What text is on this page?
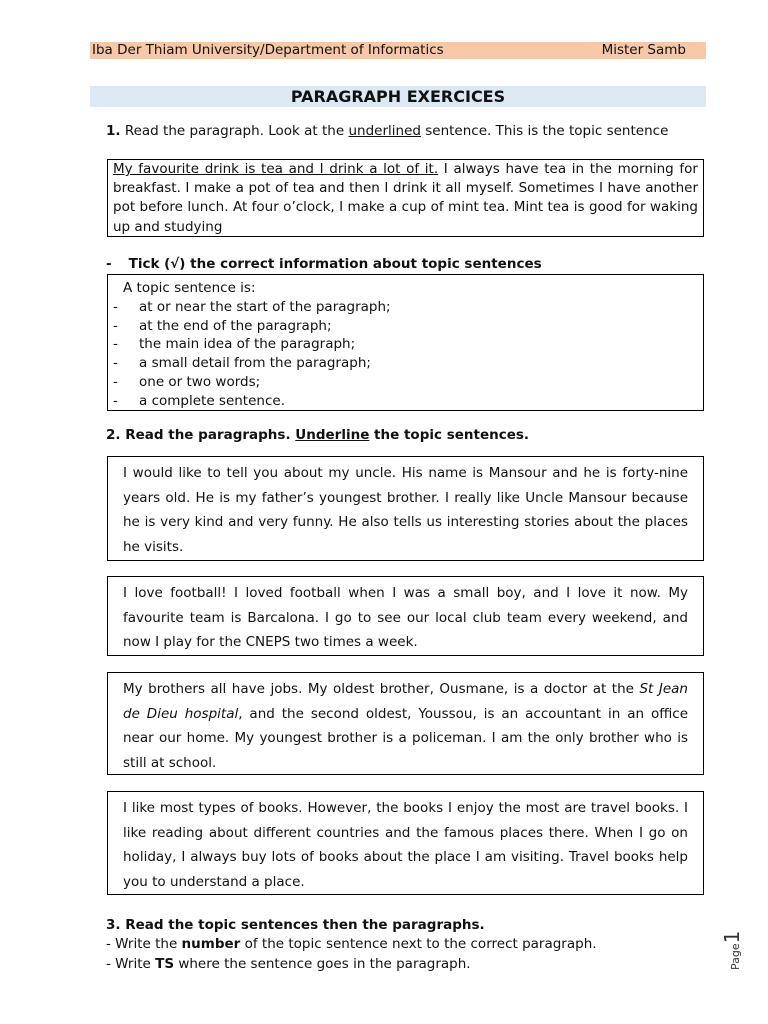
Iba Der Thiam University/Department of Informatics	Mister Samb
PARAGRAPH EXERCICES
1. Read the paragraph. Look at the underlined sentence. This is the topic sentence
My favourite drink is tea and I drink a lot of it. I always have tea in the morning for breakfast. I make a pot of tea and then I drink it all myself. Sometimes I have another pot before lunch. At four o’clock, I make a cup of mint tea. Mint tea is good for waking up and studying
- Tick (√) the correct information about topic sentences
A topic sentence is:
- at or near the start of the paragraph;
- at the end of the paragraph;
- the main idea of the paragraph;
- a small detail from the paragraph;
- one or two words;
- a complete sentence.
2. Read the paragraphs. Underline the topic sentences.
I would like to tell you about my uncle. His name is Mansour and he is forty-nine years old. He is my father’s youngest brother. I really like Uncle Mansour because he is very kind and very funny. He also tells us interesting stories about the places he visits.
I love football! I loved football when I was a small boy, and I love it now. My favourite team is Barcalona. I go to see our local club team every weekend, and now I play for the CNEPS two times a week.
My brothers all have jobs. My oldest brother, Ousmane, is a doctor at the St Jean de Dieu hospital, and the second oldest, Youssou, is an accountant in an office near our home. My youngest brother is a policeman. I am the only brother who is still at school.
I like most types of books. However, the books I enjoy the most are travel books. I like reading about different countries and the famous places there. When I go on holiday, I always buy lots of books about the place I am visiting. Travel books help you to understand a place.
3. Read the topic sentences then the paragraphs.
- Write the number of the topic sentence next to the correct paragraph.
- Write TS where the sentence goes in the paragraph.	Page1
